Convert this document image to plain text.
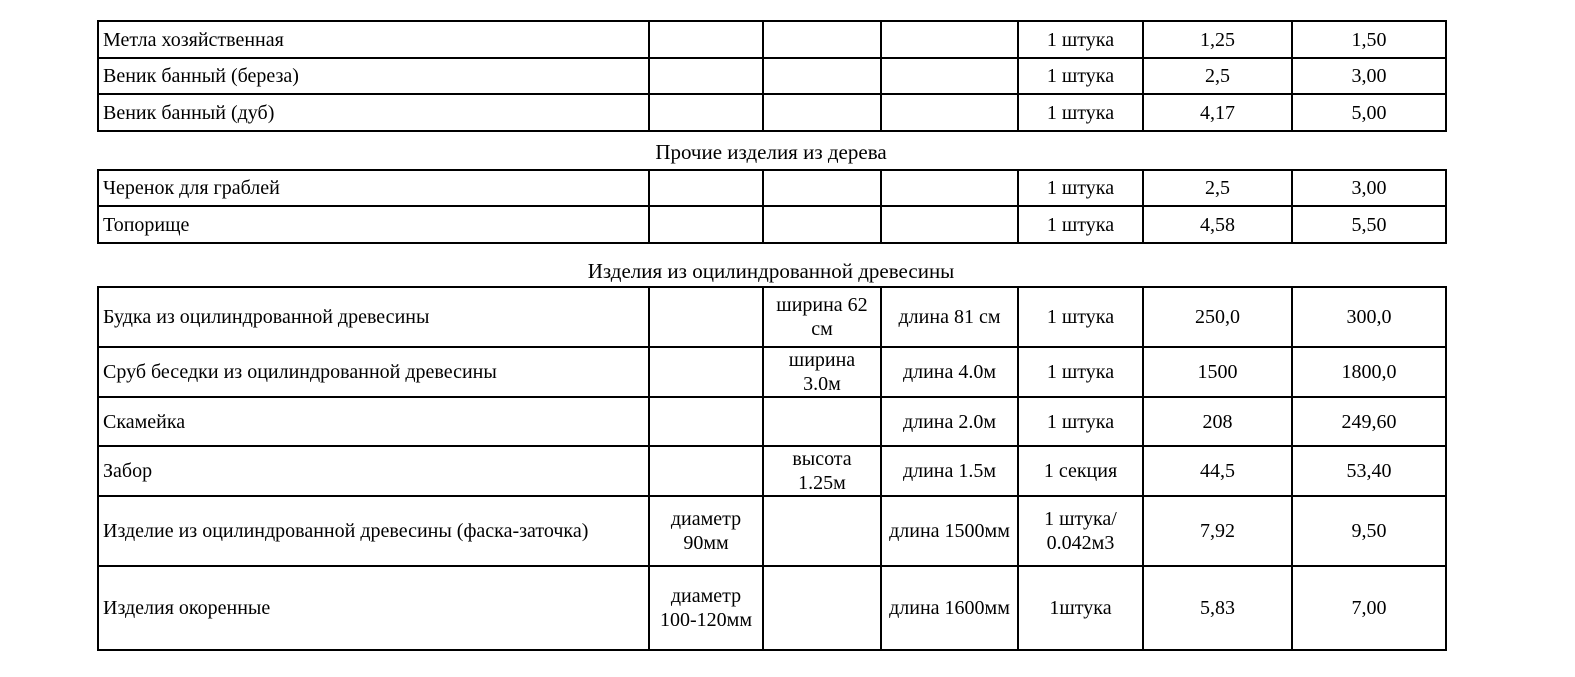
Метла хозяйственная				1 штука	1,25	1,50
Веник банный (береза)				1 штука	2,5	3,00
Веник банный (дуб)				1 штука	4,17	5,00
Прочие изделия из дерева
Черенок для граблей				1 штука	2,5	3,00
Топорище				1 штука	4,58	5,50
Изделия из оцилиндрованной древесины
Будка из оцилиндрованной древесины		ширина 62 см	длина 81 см	1 штука	250,0	300,0
Сруб беседки из оцилиндрованной древесины		ширина 3.0м	длина 4.0м	1 штука	1500	1800,0
Скамейка			длина 2.0м	1 штука	208	249,60
Забор		высота 1.25м	длина 1.5м	1 секция	44,5	53,40
Изделие из оцилиндрованной древесины (фаска-заточка)	диаметр 90мм		длина 1500мм	1 штука/ 0.042м3	7,92	9,50
Изделия окоренные	диаметр 100-120мм		длина 1600мм	1штука	5,83	7,00
